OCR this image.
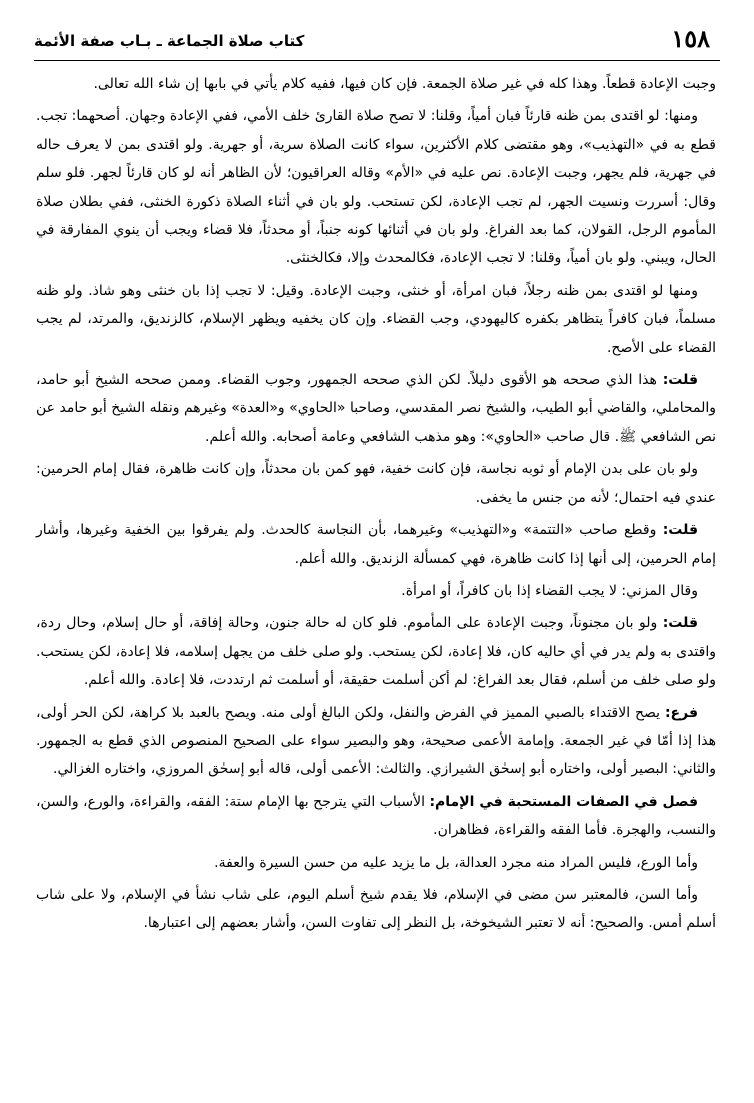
١٥٨
كتاب صلاة الجماعة ـ بـاب صفة الأئمة

وجبت الإعادة قطعاً. وهذا كله في غير صلاة الجمعة. فإن كان فيها، ففيه كلام يأتي في بابها إن شاء الله تعالى.

ومنها: لو اقتدى بمن ظنه قارئاً فبان أمياً، وقلنا: لا تصح صلاة القارئ خلف الأمي، ففي الإعادة وجهان. أصحهما: تجب. قطع به في «التهذيب»، وهو مقتضى كلام الأكثرين، سواء كانت الصلاة سرية، أو جهرية. ولو اقتدى بمن لا يعرف حاله في جهرية، فلم يجهر، وجبت الإعادة. نص عليه في «الأم» وقاله العراقيون؛ لأن الظاهر أنه لو كان قارئاً لجهر. فلو سلم وقال: أسررت ونسيت الجهر، لم تجب الإعادة، لكن تستحب. ولو بان في أثناء الصلاة ذكورة الخنثى، ففي بطلان صلاة المأموم الرجل، القولان، كما بعد الفراغ. ولو بان في أثنائها كونه جنباً، أو محدثاً، فلا قضاء ويجب أن ينوي المفارقة في الحال، ويبني. ولو بان أمياً، وقلنا: لا تجب الإعادة، فكالمحدث وإلا، فكالخنثى.

ومنها لو اقتدى بمن ظنه رجلاً، فبان امرأة، أو خنثى، وجبت الإعادة. وقيل: لا تجب إذا بان خنثى وهو شاذ. ولو ظنه مسلماً، فبان كافراً يتظاهر بكفره كاليهودي، وجب القضاء. وإن كان يخفيه ويظهر الإسلام، كالزنديق، والمرتد، لم يجب القضاء على الأصح.

قلت: هذا الذي صححه هو الأقوى دليلاً. لكن الذي صححه الجمهور، وجوب القضاء. وممن صححه الشيخ أبو حامد، والمحاملي، والقاضي أبو الطيب، والشيخ نصر المقدسي، وصاحبا «الحاوي» و«العدة» وغيرهم ونقله الشيخ أبو حامد عن نص الشافعي ﷺ. قال صاحب «الحاوي»: وهو مذهب الشافعي وعامة أصحابه. والله أعلم.

ولو بان على بدن الإمام أو ثوبه نجاسة، فإن كانت خفية، فهو كمن بان محدثاً، وإن كانت ظاهرة، فقال إمام الحرمين: عندي فيه احتمال؛ لأنه من جنس ما يخفى.

قلت: وقطع صاحب «التتمة» و«التهذيب» وغيرهما، بأن النجاسة كالحدث. ولم يفرقوا بين الخفية وغيرها، وأشار إمام الحرمين، إلى أنها إذا كانت ظاهرة، فهي كمسألة الزنديق. والله أعلم.

وقال المزني: لا يجب القضاء إذا بان كافراً، أو امرأة.

قلت: ولو بان مجنوناً، وجبت الإعادة على المأموم. فلو كان له حالة جنون، وحالة إفاقة، أو حال إسلام، وحال ردة، واقتدى به ولم يدر في أي حاليه كان، فلا إعادة، لكن يستحب. ولو صلى خلف من يجهل إسلامه، فلا إعادة، لكن يستحب. ولو صلى خلف من أسلم، فقال بعد الفراغ: لم أكن أسلمت حقيقة، أو أسلمت ثم ارتددت، فلا إعادة. والله أعلم.

فرع: يصح الاقتداء بالصبي المميز في الفرض والنفل، ولكن البالغ أولى منه. ويصح بالعبد بلا كراهة، لكن الحر أولى، هذا إذا أمّا في غير الجمعة. وإمامة الأعمى صحيحة، وهو والبصير سواء على الصحيح المنصوص الذي قطع به الجمهور. والثاني: البصير أولى، واختاره أبو إسحٰق الشيرازي. والثالث: الأعمى أولى، قاله أبو إسحٰق المروزي، واختاره الغزالي.

فصل في الصفات المستحبة في الإمام: الأسباب التي يترجح بها الإمام ستة: الفقه، والقراءة، والورع، والسن، والنسب، والهجرة. فأما الفقه والقراءة، فظاهران.

وأما الورع، فليس المراد منه مجرد العدالة، بل ما يزيد عليه من حسن السيرة والعفة.

وأما السن، فالمعتبر سن مضى في الإسلام، فلا يقدم شيخ أسلم اليوم، على شاب نشأ في الإسلام، ولا على شاب أسلم أمس. والصحيح: أنه لا تعتبر الشيخوخة، بل النظر إلى تفاوت السن، وأشار بعضهم إلى اعتبارها.
